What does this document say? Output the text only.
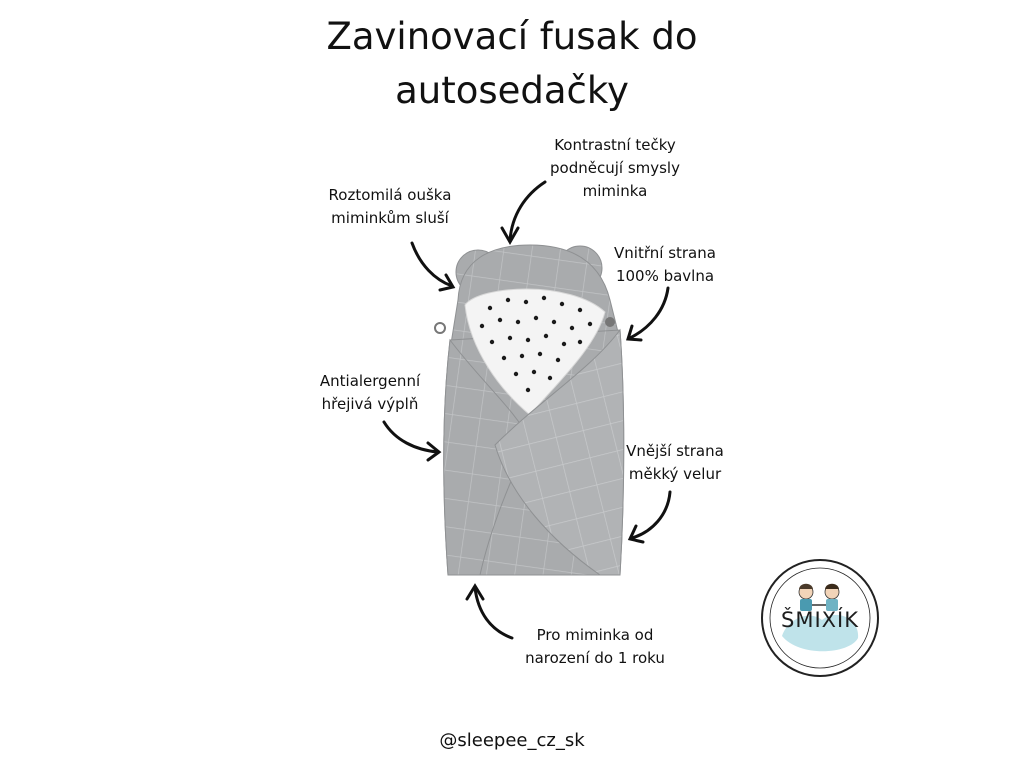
Zavinovací fusak do
autosedačky
Kontrastní tečky
podněcují smysly
miminka
Roztomilá ouška
miminkům sluší
Vnitřní strana
100% bavlna
Antialergenní
hřejivá výplň
Vnější strana
měkký velur
Pro miminka od
narození do 1 roku
@sleepee_cz_sk
ŠMIXÍK
